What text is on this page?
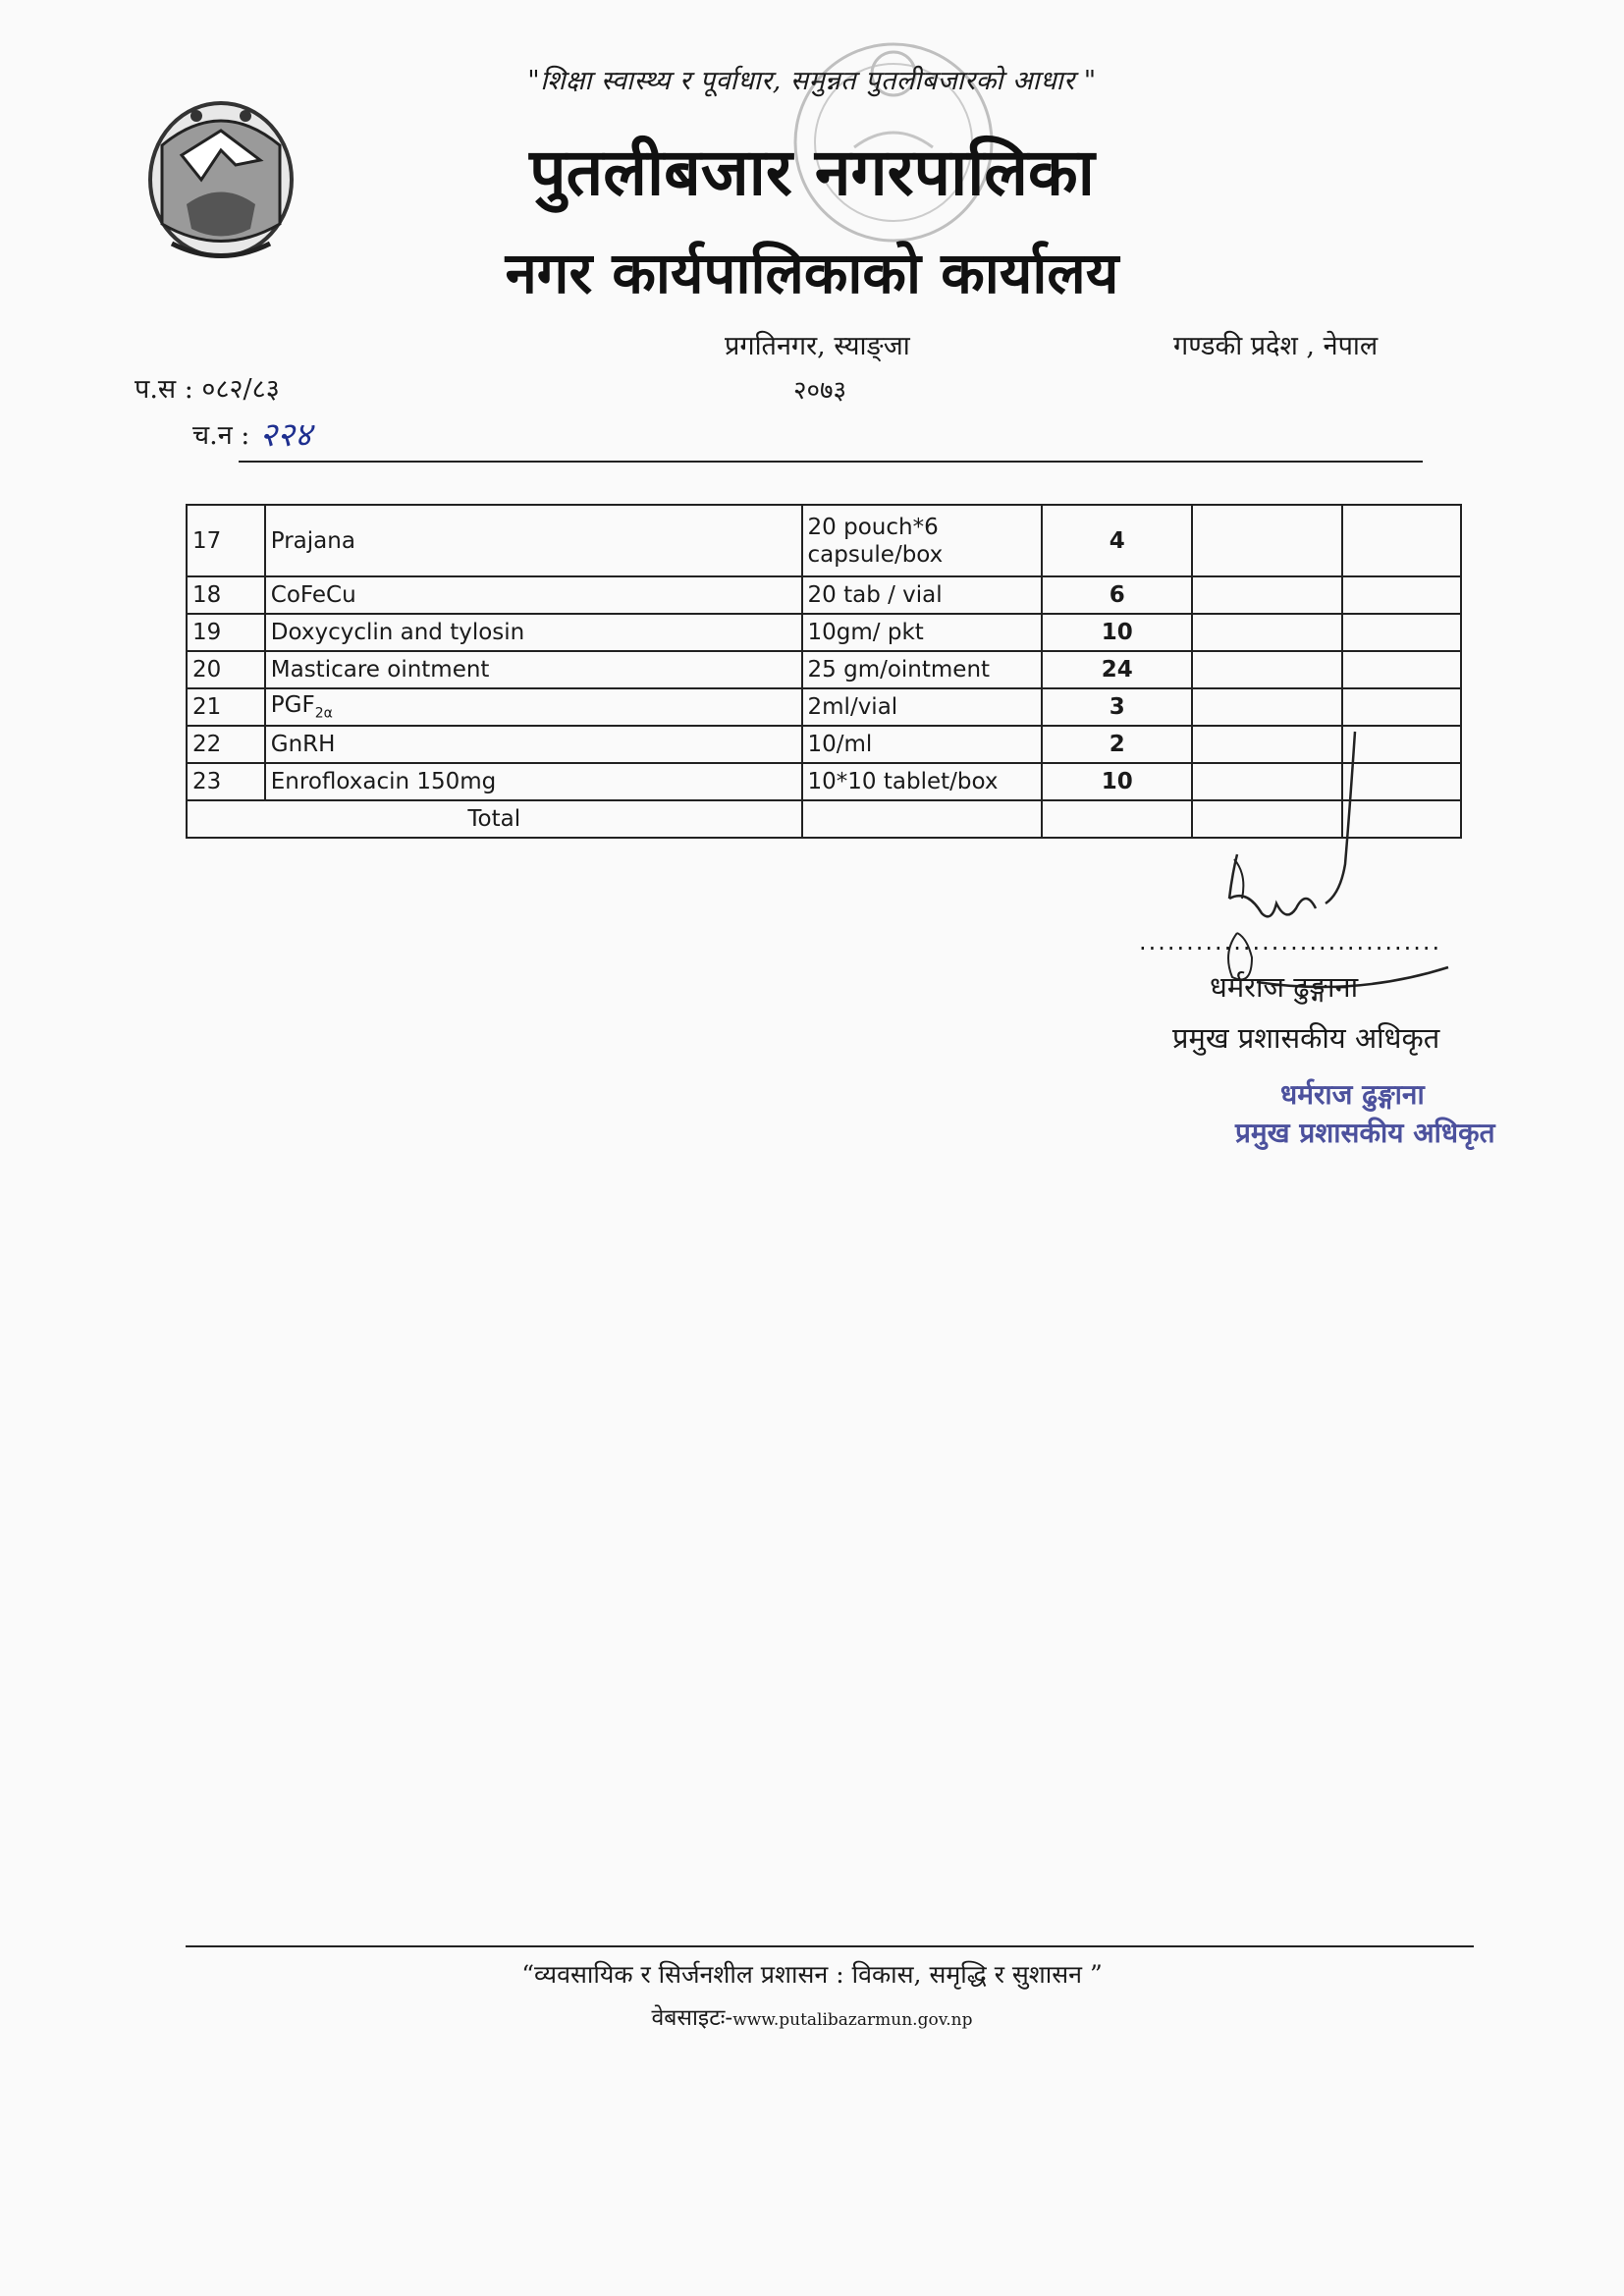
"शिक्षा स्वास्थ्य र पूर्वाधार, समुन्नत पुतलीबजारको आधार "
पुतलीबजार नगरपालिका
नगर कार्यपालिकाको कार्यालय
प्रगतिनगर, स्याङ्जा	गण्डकी प्रदेश , नेपाल
२०७३
प.स : ०८२/८३
च.न : २२४
17	Prajana	20 pouch*6 capsule/box	4		
18	CoFeCu	20 tab / vial	6		
19	Doxycyclin and tylosin	10gm/ pkt	10		
20	Masticare ointment	25 gm/ointment	24		
21	$PGF_{2\alpha}$	2ml/vial	3		
22	GnRH	10/ml	2		
23	Enrofloxacin 150mg	10*10 tablet/box	10		
Total					
................................
धर्मराज ढुङ्गाना
प्रमुख प्रशासकीय अधिकृत
धर्मराज ढुङ्गाना
प्रमुख प्रशासकीय अधिकृत
“व्यवसायिक र सिर्जनशील प्रशासन : विकास, समृद्धि र सुशासन ”
वेबसाइटः-www.putalibazarmun.gov.np
